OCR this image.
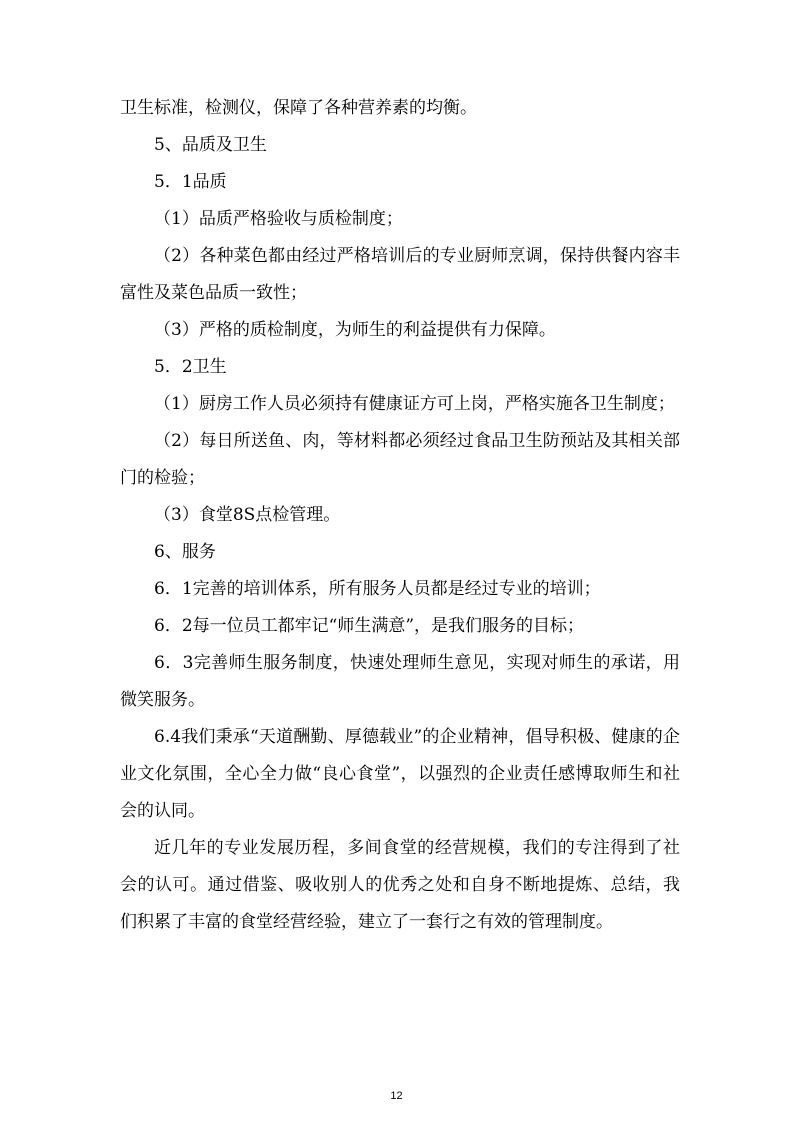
卫生标准，检测仪，保障了各种营养素的均衡。

5、品质及卫生

5．1品质

（1）品质严格验收与质检制度；

（2）各种菜色都由经过严格培训后的专业厨师烹调，保持供餐内容丰富性及菜色品质一致性；

（3）严格的质检制度，为师生的利益提供有力保障。

5．2卫生

（1）厨房工作人员必须持有健康证方可上岗，严格实施各卫生制度；

（2）每日所送鱼、肉，等材料都必须经过食品卫生防预站及其相关部门的检验；

（3）食堂8S点检管理。

6、服务

6．1完善的培训体系，所有服务人员都是经过专业的培训；

6．2每一位员工都牢记“师生满意”，是我们服务的目标；

6．3完善师生服务制度，快速处理师生意见，实现对师生的承诺，用微笑服务。

6.4我们秉承“天道酬勤、厚德载业”的企业精神，倡导积极、健康的企业文化氛围，全心全力做“良心食堂”，以强烈的企业责任感博取师生和社会的认同。

近几年的专业发展历程，多间食堂的经营规模，我们的专注得到了社会的认可。通过借鉴、吸收别人的优秀之处和自身不断地提炼、总结，我们积累了丰富的食堂经营经验，建立了一套行之有效的管理制度。

12
